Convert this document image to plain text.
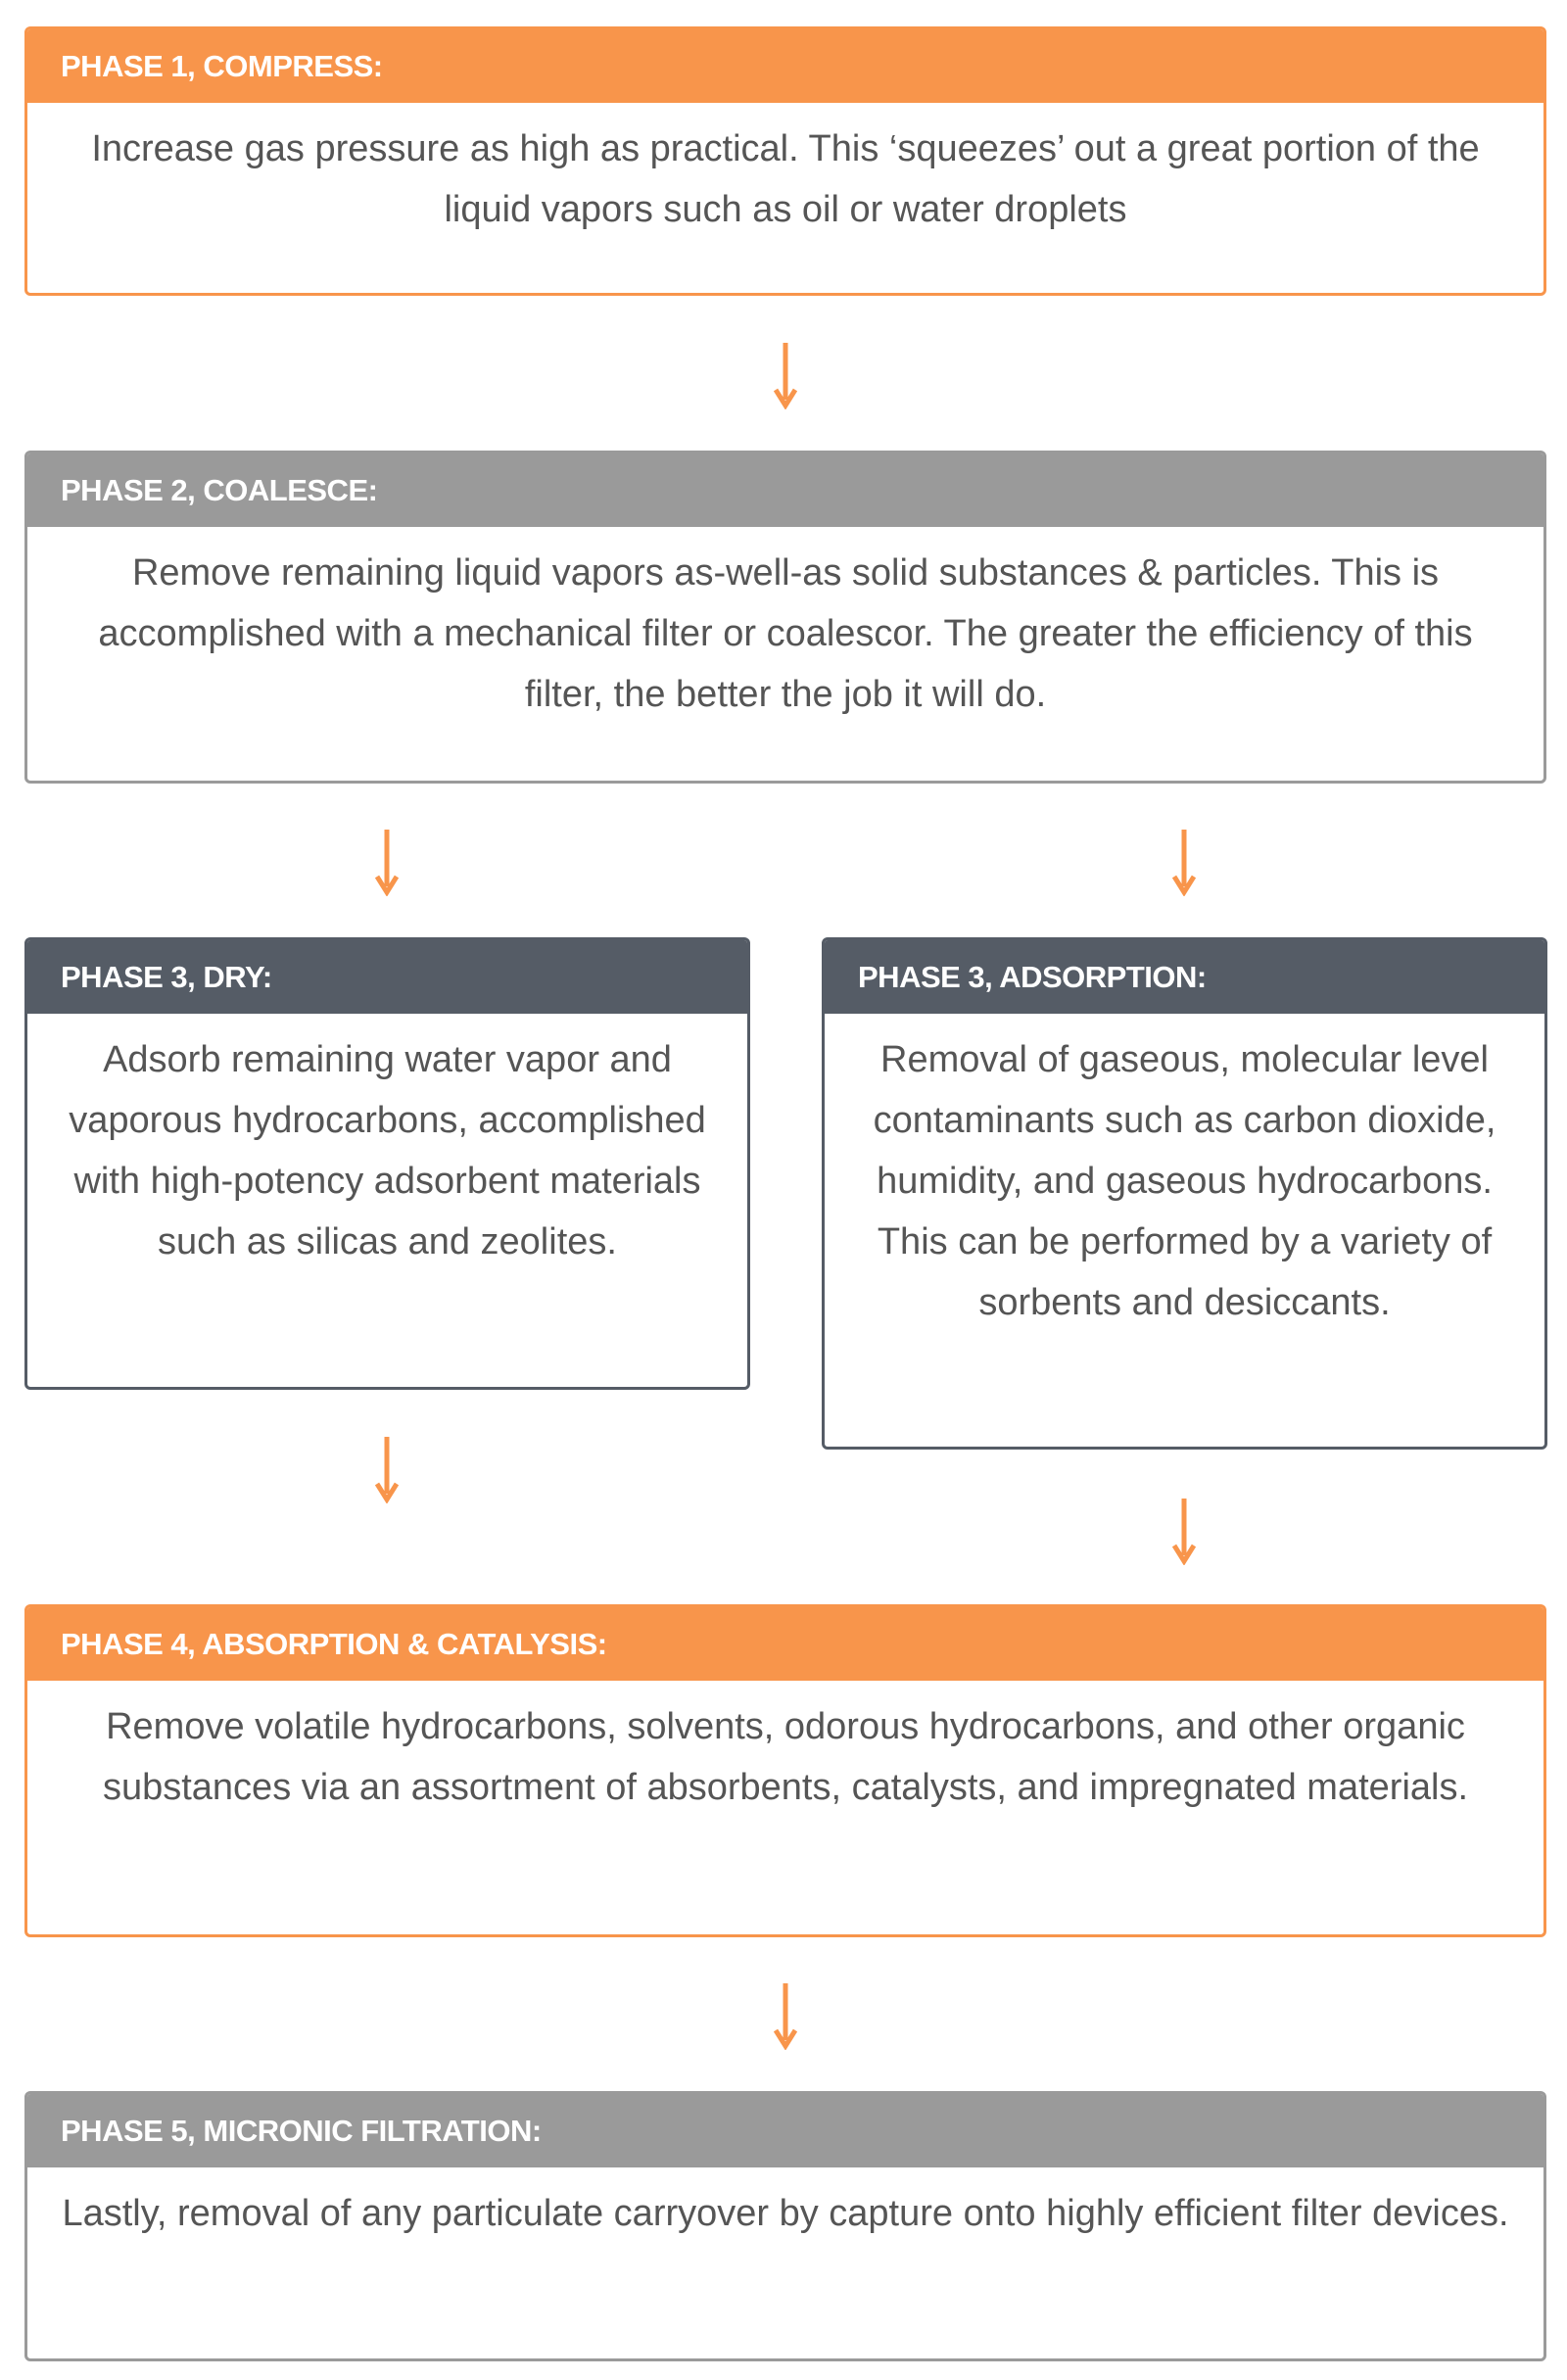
PHASE 1, COMPRESS:
Increase gas pressure as high as practical. This ‘squeezes’ out a great portion of the liquid vapors such as oil or water droplets
PHASE 2, COALESCE:
Remove remaining liquid vapors as-well-as solid substances & particles. This is accomplished with a mechanical filter or coalescor. The greater the efficiency of this filter, the better the job it will do.
PHASE 3, DRY:
Adsorb remaining water vapor and vaporous hydrocarbons, accomplished with high-potency adsorbent materials such as silicas and zeolites.
PHASE 3, ADSORPTION:
Removal of gaseous, molecular level contaminants such as carbon dioxide, humidity, and gaseous hydrocarbons. This can be performed by a variety of sorbents and desiccants.
PHASE 4, ABSORPTION & CATALYSIS:
Remove volatile hydrocarbons, solvents, odorous hydrocarbons, and other organic substances via an assortment of absorbents, catalysts, and impregnated materials.
PHASE 5, MICRONIC FILTRATION:
Lastly, removal of any particulate carryover by capture onto highly efficient filter devices.
